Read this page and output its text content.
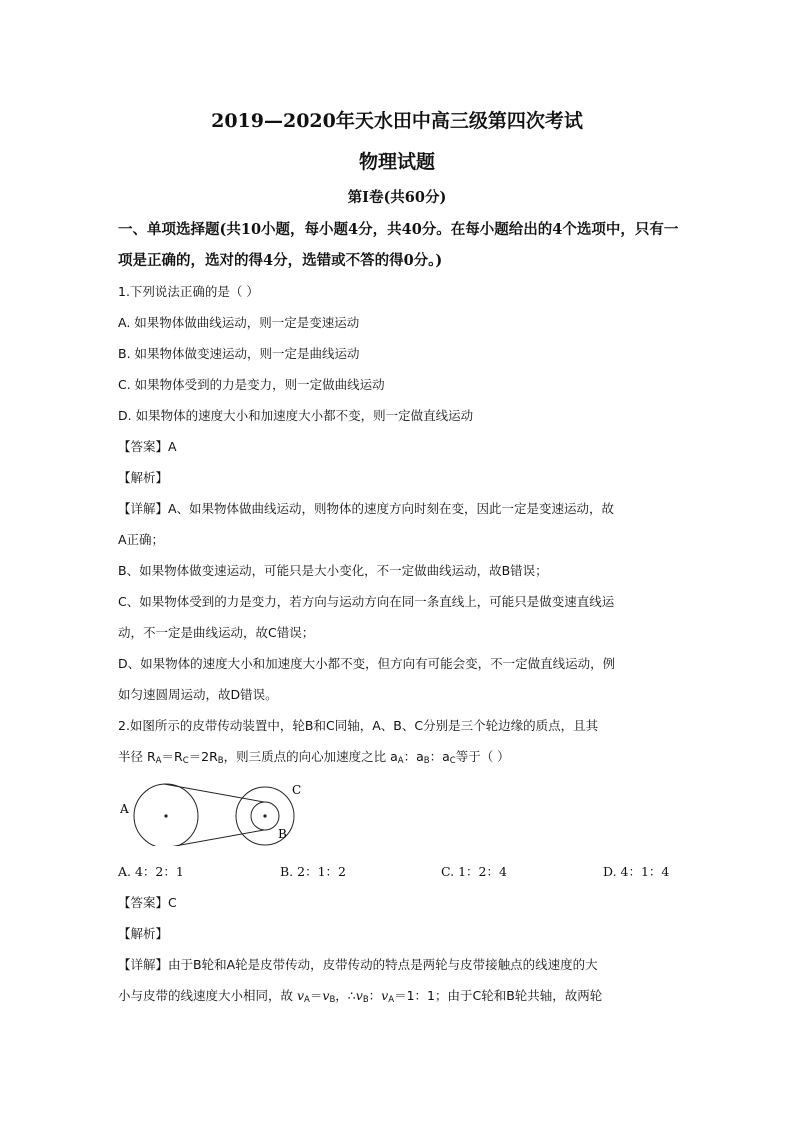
2019—2020年天水田中高三级第四次考试
物理试题
第Ⅰ卷(共60分)
一、单项选择题(共10小题，每小题4分，共40分。在每小题给出的4个选项中，只有一项是正确的，选对的得4分，选错或不答的得0分。)
1.下列说法正确的是（ ）
A. 如果物体做曲线运动，则一定是变速运动
B. 如果物体做变速运动，则一定是曲线运动
C. 如果物体受到的力是变力，则一定做曲线运动
D. 如果物体的速度大小和加速度大小都不变，则一定做直线运动
【答案】A
【解析】
【详解】A、如果物体做曲线运动，则物体的速度方向时刻在变，因此一定是变速运动，故
A正确；
B、如果物体做变速运动，可能只是大小变化，不一定做曲线运动，故B错误；
C、如果物体受到的力是变力，若方向与运动方向在同一条直线上，可能只是做变速直线运
动，不一定是曲线运动，故C错误；
D、如果物体的速度大小和加速度大小都不变，但方向有可能会变，不一定做直线运动，例
如匀速圆周运动，故D错误。
2.如图所示的皮带传动装置中，轮B和C同轴，A、B、C分别是三个轮边缘的质点，且其
半径 $R_A=R_C=2R_B$，则三质点的向心加速度之比 $a_A$：$a_B$：$a_C$等于（ ）
A
C
B
A. 4：2：1	B. 2：1：2	C. 1：2：4	D. 4：1：4
【答案】C
【解析】
【详解】由于B轮和A轮是皮带传动，皮带传动的特点是两轮与皮带接触点的线速度的大
小与皮带的线速度大小相同，故 $v_A=v_B$，$\therefore v_B$：$v_A=1$：1；由于C轮和B轮共轴，故两轮
